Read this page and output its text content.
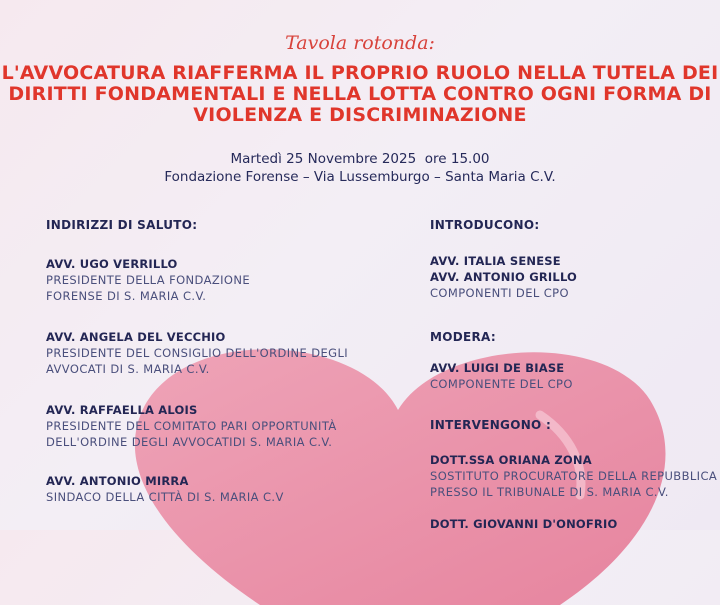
Tavola rotonda:
L'AVVOCATURA RIAFFERMA IL PROPRIO RUOLO NELLA TUTELA DEI
DIRITTI FONDAMENTALI E NELLA LOTTA CONTRO OGNI FORMA DI
VIOLENZA E DISCRIMINAZIONE
Martedì 25 Novembre 2025  ore 15.00
Fondazione Forense – Via Lussemburgo – Santa Maria C.V.
INDIRIZZI DI SALUTO:
AVV. UGO VERRILLO
PRESIDENTE DELLA FONDAZIONE
FORENSE DI S. MARIA C.V.
AVV. ANGELA DEL VECCHIO
PRESIDENTE DEL CONSIGLIO DELL'ORDINE DEGLI
AVVOCATI DI S. MARIA C.V.
AVV. RAFFAELLA ALOIS
PRESIDENTE DEL COMITATO PARI OPPORTUNITÀ
DELL'ORDINE DEGLI AVVOCATIDI S. MARIA C.V.
AVV. ANTONIO MIRRA
SINDACO DELLA CITTÀ DI S. MARIA C.V
INTRODUCONO:
AVV. ITALIA SENESE
AVV. ANTONIO GRILLO
COMPONENTI DEL CPO
MODERA:
AVV. LUIGI DE BIASE
COMPONENTE DEL CPO
INTERVENGONO :
DOTT.SSA ORIANA ZONA
SOSTITUTO PROCURATORE DELLA REPUBBLICA
PRESSO IL TRIBUNALE DI S. MARIA C.V.
DOTT. GIOVANNI D'ONOFRIO
